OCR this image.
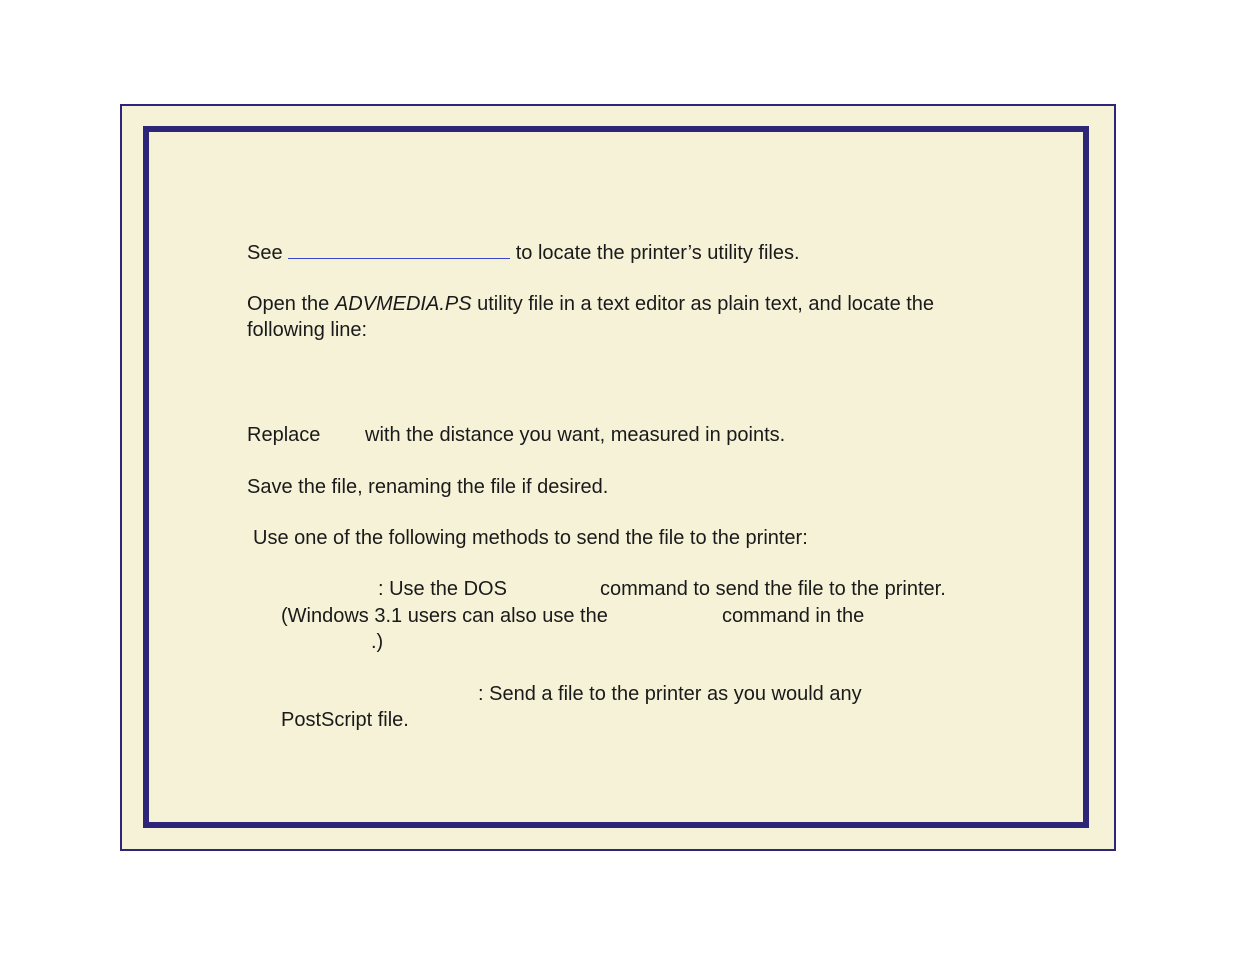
See	to locate the printer’s utility files.
Open the ADVMEDIA.PS utility file in a text editor as plain text, and locate the
following line:
Replace with the distance you want, measured in points.
Save the file, renaming the file if desired.
Use one of the following methods to send the file to the printer:
: Use the DOS	command to send the file to the printer.
(Windows 3.1 users can also use the	command in the
.)
: Send a file to the printer as you would any
PostScript file.
